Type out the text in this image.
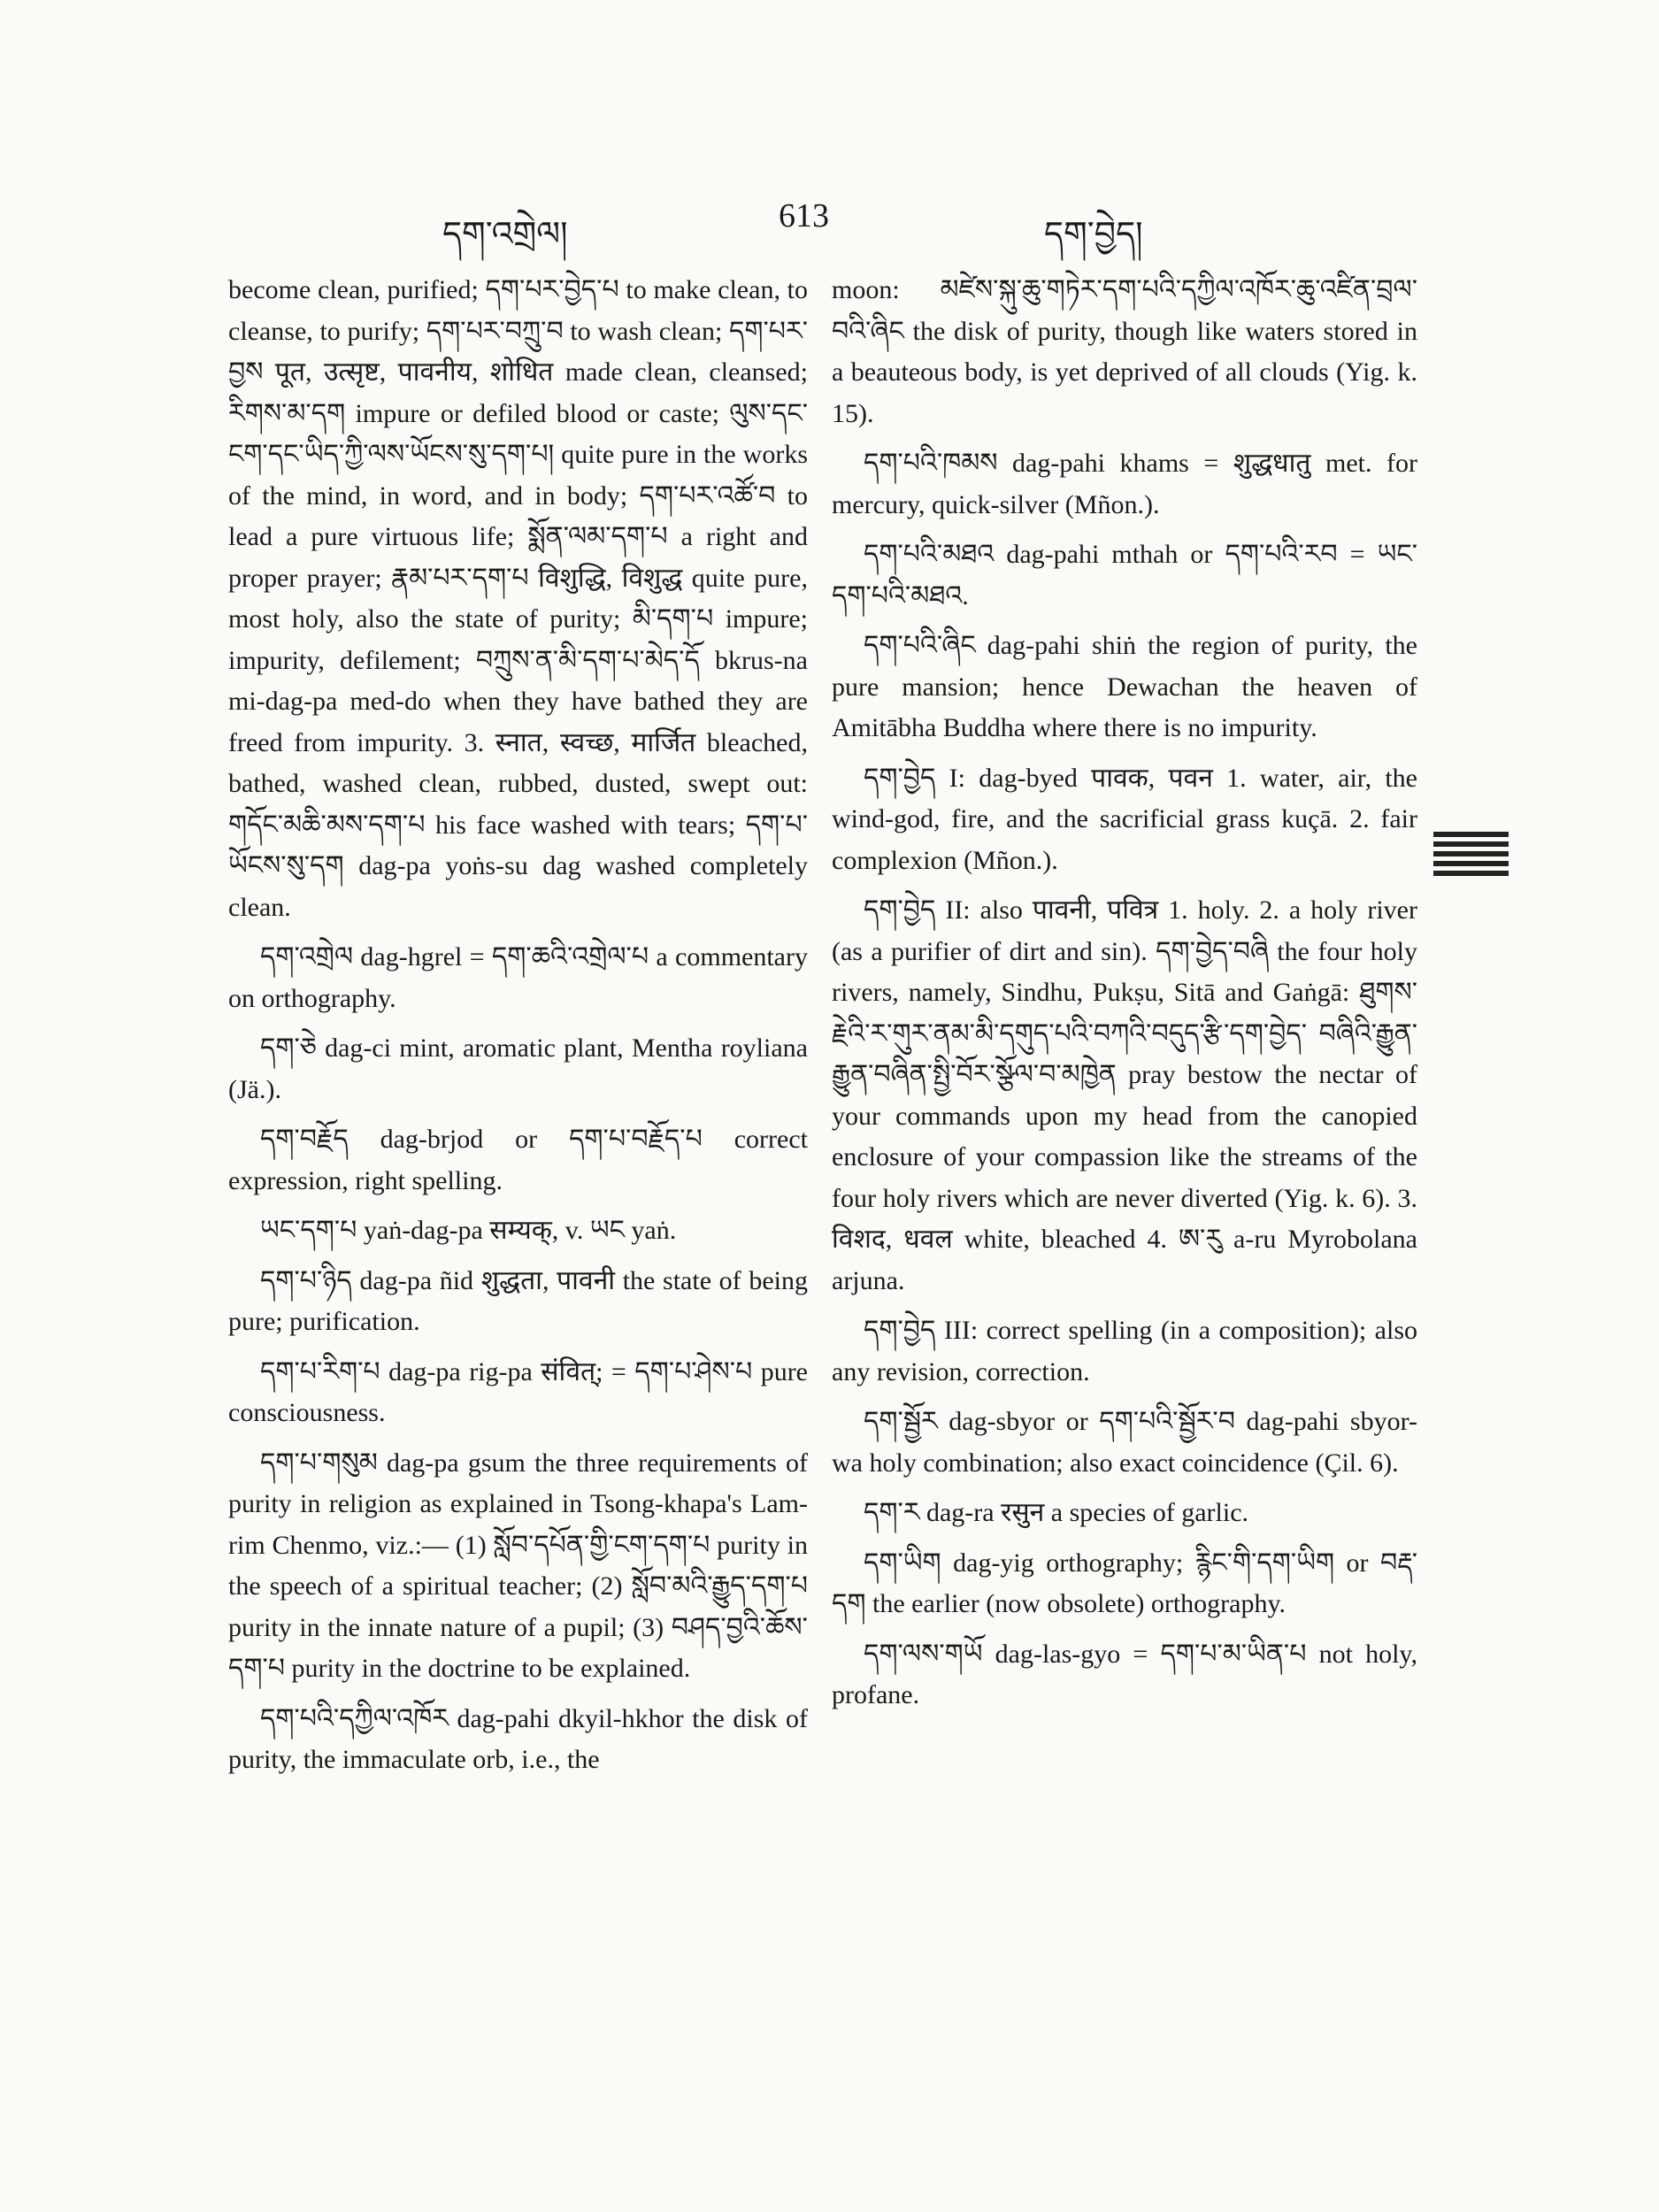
དག་འགྲེལ།	613	དག་བྱེད།

become clean, purified; དག་པར་བྱེད་པ to make clean, to cleanse, to purify; དག་པར་བཀྲུ་བ to wash clean; དག་པར་བྱས पूत, उत्सृष्ट, पावनीय, शोधित made clean, cleansed; རིགས་མ་དག impure or defiled blood or caste; ལུས་དང་ངག་དང་ཡིད་ཀྱི་ལས་ཡོངས་སུ་དག་པ། quite pure in the works of the mind, in word, and in body; དག་པར་འཚོ་བ to lead a pure virtuous life; སྨོན་ལམ་དག་པ a right and proper prayer; རྣམ་པར་དག་པ विशुद्धि, विशुद्ध quite pure, most holy, also the state of purity; མི་དག་པ impure; impurity, defilement; བཀྲུས་ན་མི་དག་པ་མེད་དོ bkrus-na mi-dag-pa med-do when they have bathed they are freed from impurity. 3. स्नात, स्वच्छ, मार्जित bleached, bathed, washed clean, rubbed, dusted, swept out: གདོང་མཆི་མས་དག་པ his face washed with tears; དག་པ་ཡོངས་སུ་དག dag-pa yoṅs-su dag washed completely clean.

དག་འགྲེལ dag-hgrel = དག་ཆའི་འགྲེལ་པ a commentary on orthography.

དག་ཅེ dag-ci mint, aromatic plant, Mentha royliana (Jä.).

དག་བརྗོད dag-brjod or དག་པ་བརྗོད་པ correct expression, right spelling.

ཡང་དག་པ yaṅ-dag-pa सम्यक्, v. ཡང yaṅ.

དག་པ་ཉིད dag-pa ñid शुद्धता, पावनी the state of being pure; purification.

དག་པ་རིག་པ dag-pa rig-pa संवित्; = དག་པ་ཤེས་པ pure consciousness.

དག་པ་གསུམ dag-pa gsum the three requirements of purity in religion as explained in Tsong-khapa's Lam-rim Chenmo, viz.:— (1) སློབ་དཔོན་གྱི་ངག་དག་པ purity in the speech of a spiritual teacher; (2) སློབ་མའི་རྒྱུད་དག་པ purity in the innate nature of a pupil; (3) བཤད་བྱའི་ཆོས་དག་པ purity in the doctrine to be explained.

དག་པའི་དཀྱིལ་འཁོར dag-pahi dkyil-hkhor the disk of purity, the immaculate orb, i.e., the

moon: མཛེས་སྐུ་ཆུ་གཏེར་དག་པའི་དཀྱིལ་འཁོར་ཆུ་འཛིན་བྲལ་ བའི་ཞིང the disk of purity, though like waters stored in a beauteous body, is yet deprived of all clouds (Yig. k. 15).

དག་པའི་ཁམས dag-pahi khams = शुद्धधातु met. for mercury, quick-silver (Mñon.).

དག་པའི་མཐའ dag-pahi mthah or དག་པའི་རབ = ཡང་དག་པའི་མཐའ.

དག་པའི་ཞིང dag-pahi shiṅ the region of purity, the pure mansion; hence Dewachan the heaven of Amitābha Buddha where there is no impurity.

དག་བྱེད I: dag-byed पावक, पवन 1. water, air, the wind-god, fire, and the sacrificial grass kuçā. 2. fair complexion (Mñon.).

དག་བྱེད II: also पावनी, पवित्र 1. holy. 2. a holy river (as a purifier of dirt and sin). དག་བྱེད་བཞི the four holy rivers, namely, Sindhu, Pukṣu, Sitā and Gaṅgā: ཐུགས་རྗེའི་ར་གུར་ནམ་མི་དགུད་པའི་བཀའི་བདུད་རྩི་དག་བྱེད་ བཞིའི་རྒྱུན་རྒྱུན་བཞིན་སྤྱི་བོར་སྩོལ་བ་མཁྱེན pray bestow the nectar of your commands upon my head from the canopied enclosure of your compassion like the streams of the four holy rivers which are never diverted (Yig. k. 6). 3. विशद, धवल white, bleached 4. ཨ་རུ a-ru Myrobolana arjuna.

དག་བྱེད III: correct spelling (in a composition); also any revision, correction.

དག་སྦྱོར dag-sbyor or དག་པའི་སྦྱོར་བ dag-pahi sbyor-wa holy combination; also exact coincidence (Çil. 6).

དག་ར dag-ra रसुन a species of garlic.

དག་ཡིག dag-yig orthography; རྙིང་གི་དག་ཡིག or བརྡ་དག the earlier (now obsolete) orthography.

དག་ལས་གཡོ dag-las-gyo = དག་པ་མ་ཡིན་པ not holy, profane.
